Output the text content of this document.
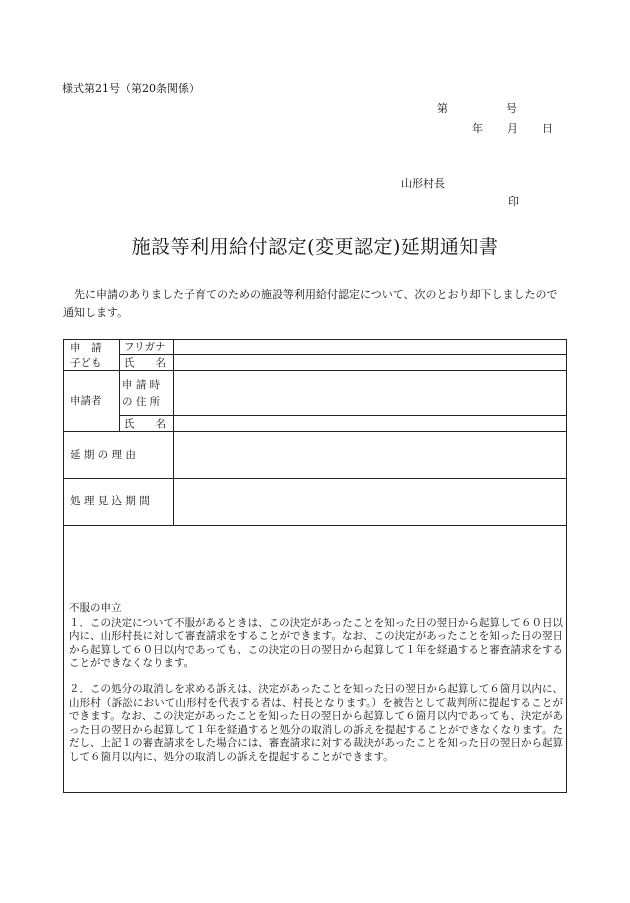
様式第21号（第20条関係）
第	号
年 月 日
山形村長
印
施設等利用給付認定(変更認定)延期通知書
先に申請のありました子育てのための施設等利用給付認定について、次のとおり却下しましたので通知します。
申　請
子ども
フリガナ
氏　　名
申請者
申 請 時
の 住 所
氏　　名
延 期 の 理 由
処 理 見 込 期 間

不服の申立

１．この決定について不服があるときは、この決定があったことを知った日の翌日から起算して６０日以内に、山形村長に対して審査請求をすることができます。なお、この決定があったことを知った日の翌日から起算して６０日以内であっても、この決定の日の翌日から起算して１年を経過すると審査請求をすることができなくなります。

２．この処分の取消しを求める訴えは、決定があったことを知った日の翌日から起算して６箇月以内に、山形村（訴訟において山形村を代表する者は、村長となります。）を被告として裁判所に提起することができます。なお、この決定があったことを知った日の翌日から起算して６箇月以内であっても、決定があった日の翌日から起算して１年を経過すると処分の取消しの訴えを提起することができなくなります。ただし、上記１の審査請求をした場合には、審査請求に対する裁決があったことを知った日の翌日から起算して６箇月以内に、処分の取消しの訴えを提起することができます。
